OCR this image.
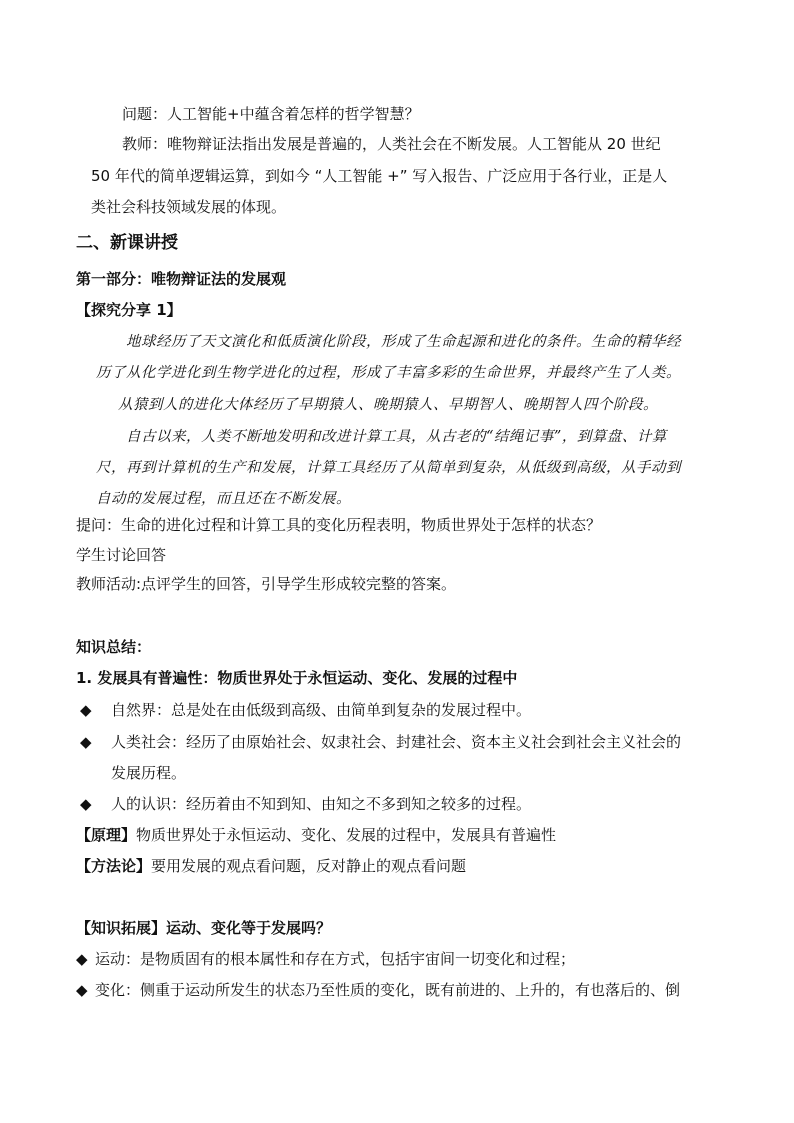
问题：人工智能+中蕴含着怎样的哲学智慧？
教师：唯物辩证法指出发展是普遍的，人类社会在不断发展。人工智能从 20 世纪
50 年代的简单逻辑运算，到如今 “人工智能 +” 写入报告、广泛应用于各行业，正是人
类社会科技领域发展的体现。
二、新课讲授
第一部分：唯物辩证法的发展观
【探究分享 1】
地球经历了天文演化和低质演化阶段，形成了生命起源和进化的条件。生命的精华经
历了从化学进化到生物学进化的过程，形成了丰富多彩的生命世界，并最终产生了人类。
从猿到人的进化大体经历了早期猿人、晚期猿人、早期智人、晚期智人四个阶段。
自古以来，人类不断地发明和改进计算工具，从古老的“结绳记事”，到算盘、计算
尺，再到计算机的生产和发展，计算工具经历了从简单到复杂，从低级到高级，从手动到
自动的发展过程，而且还在不断发展。
提问：生命的进化过程和计算工具的变化历程表明，物质世界处于怎样的状态？
学生讨论回答
教师活动:点评学生的回答，引导学生形成较完整的答案。
知识总结：
1. 发展具有普遍性：物质世界处于永恒运动、变化、发展的过程中
◆ 自然界：总是处在由低级到高级、由简单到复杂的发展过程中。
◆ 人类社会：经历了由原始社会、奴隶社会、封建社会、资本主义社会到社会主义社会的
发展历程。
◆ 人的认识：经历着由不知到知、由知之不多到知之较多的过程。
【原理】物质世界处于永恒运动、变化、发展的过程中，发展具有普遍性
【方法论】要用发展的观点看问题，反对静止的观点看问题
【知识拓展】运动、变化等于发展吗？
◆ 运动：是物质固有的根本属性和存在方式，包括宇宙间一切变化和过程；
◆ 变化：侧重于运动所发生的状态乃至性质的变化，既有前进的、上升的，有也落后的、倒
